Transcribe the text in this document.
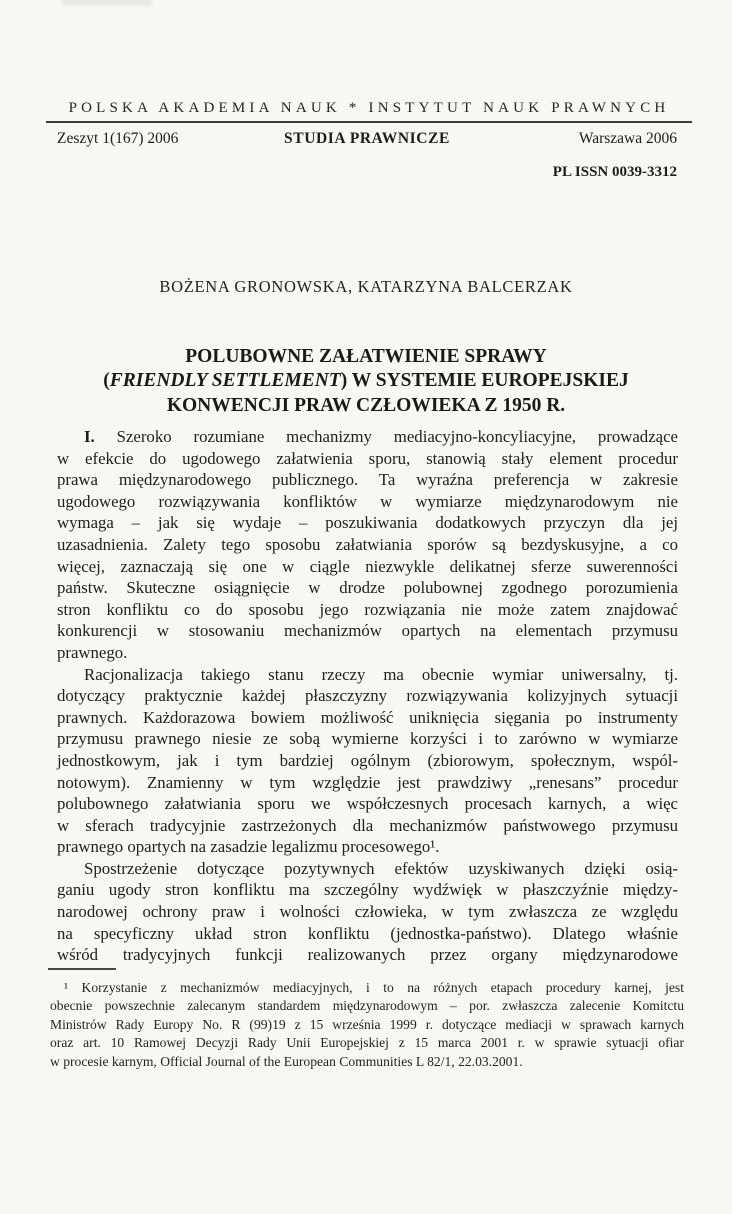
POLSKA AKADEMIA NAUK * INSTYTUT NAUK PRAWNYCH
Zeszyt 1(167) 2006	STUDIA PRAWNICZE	Warszawa 2006
PL ISSN 0039-3312
BOŻENA GRONOWSKA, KATARZYNA BALCERZAK
POLUBOWNE ZAŁATWIENIE SPRAWY
(FRIENDLY SETTLEMENT) W SYSTEMIE EUROPEJSKIEJ
KONWENCJI PRAW CZŁOWIEKA Z 1950 R.
I. Szeroko rozumiane mechanizmy mediacyjno-koncyliacyjne, prowadzące
w efekcie do ugodowego załatwienia sporu, stanowią stały element procedur
prawa międzynarodowego publicznego. Ta wyraźna preferencja w zakresie
ugodowego rozwiązywania konfliktów w wymiarze międzynarodowym nie
wymaga – jak się wydaje – poszukiwania dodatkowych przyczyn dla jej
uzasadnienia. Zalety tego sposobu załatwiania sporów są bezdyskusyjne, a co
więcej, zaznaczają się one w ciągle niezwykle delikatnej sferze suwerenności
państw. Skuteczne osiągnięcie w drodze polubownej zgodnego porozumienia
stron konfliktu co do sposobu jego rozwiązania nie może zatem znajdować
konkurencji w stosowaniu mechanizmów opartych na elementach przymusu
prawnego.
Racjonalizacja takiego stanu rzeczy ma obecnie wymiar uniwersalny, tj.
dotyczący praktycznie każdej płaszczyzny rozwiązywania kolizyjnych sytuacji
prawnych. Każdorazowa bowiem możliwość uniknięcia sięgania po instrumenty
przymusu prawnego niesie ze sobą wymierne korzyści i to zarówno w wymiarze
jednostkowym, jak i tym bardziej ogólnym (zbiorowym, społecznym, wspól-
notowym). Znamienny w tym względzie jest prawdziwy „renesans” procedur
polubownego załatwiania sporu we współczesnych procesach karnych, a więc
w sferach tradycyjnie zastrzeżonych dla mechanizmów państwowego przymusu
prawnego opartych na zasadzie legalizmu procesowego¹.
Spostrzeżenie dotyczące pozytywnych efektów uzyskiwanych dzięki osią-
ganiu ugody stron konfliktu ma szczególny wydźwięk w płaszczyźnie między-
narodowej ochrony praw i wolności człowieka, w tym zwłaszcza ze względu
na specyficzny układ stron konfliktu (jednostka-państwo). Dlatego właśnie
wśród tradycyjnych funkcji realizowanych przez organy międzynarodowe
¹ Korzystanie z mechanizmów mediacyjnych, i to na różnych etapach procedury karnej, jest
obecnie powszechnie zalecanym standardem międzynarodowym – por. zwłaszcza zalecenie Komitctu
Ministrów Rady Europy No. R (99)19 z 15 września 1999 r. dotyczące mediacji w sprawach karnych
oraz art. 10 Ramowej Decyzji Rady Unii Europejskiej z 15 marca 2001 r. w sprawie sytuacji ofiar
w procesie karnym, Official Journal of the European Communities L 82/1, 22.03.2001.
